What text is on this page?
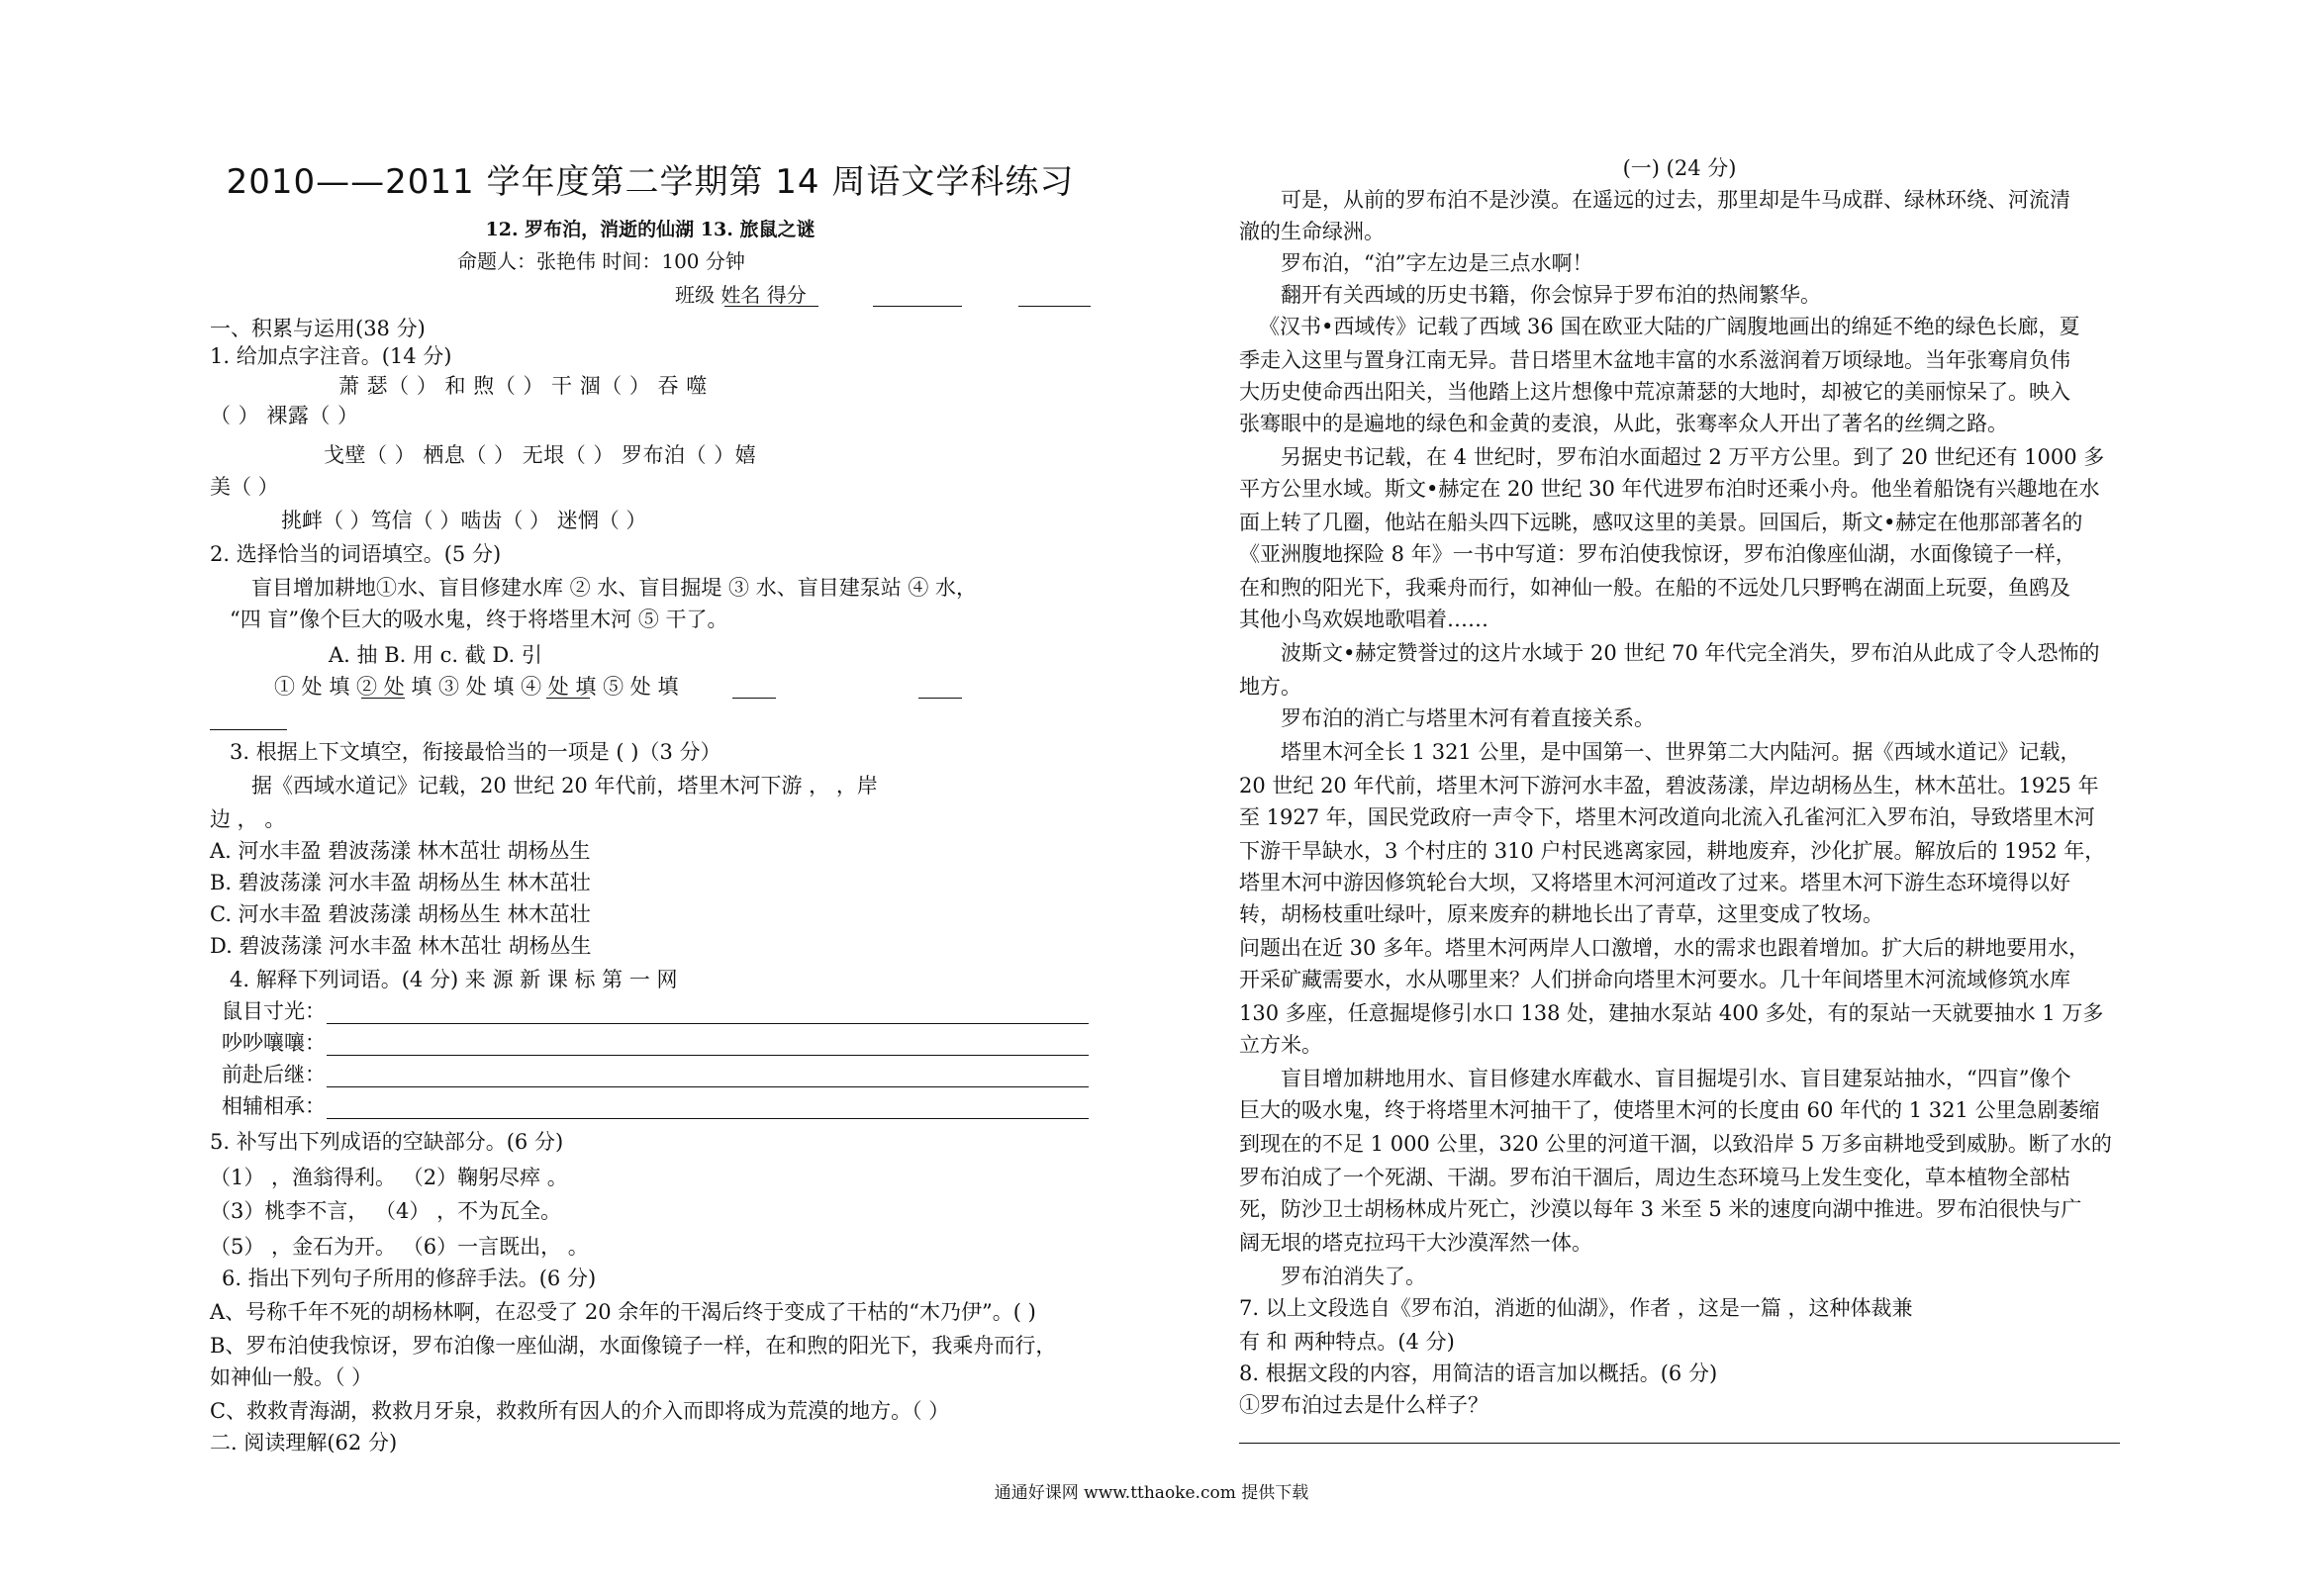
2010——2011 学年度第二学期第 14 周语文学科练习
12. 罗布泊，消逝的仙湖 13. 旅鼠之谜
命题人：张艳伟 时间：100 分钟
班级 姓名 得分
一、积累与运用(38 分)
1. 给加点字注音。(14 分)
萧 瑟（ ） 和 煦（ ） 干 涸（ ） 吞 噬
（ ） 裸露（ ）
戈壁（ ） 栖息（ ） 无垠（ ） 罗布泊（ ）嬉
美（ ）
挑衅（ ）笃信（ ）啮齿（ ） 迷惘（ ）
2. 选择恰当的词语填空。(5 分)
盲目增加耕地①水、盲目修建水库 ② 水、盲目掘堤 ③ 水、盲目建泵站 ④ 水，
“四 盲”像个巨大的吸水鬼，终于将塔里木河 ⑤ 干了。
A. 抽 B. 用 c. 截 D. 引
① 处 填 ② 处 填 ③ 处 填 ④ 处 填 ⑤ 处 填
3. 根据上下文填空，衔接最恰当的一项是 ( )（3 分）
据《西域水道记》记载，20 世纪 20 年代前，塔里木河下游 ， ，岸
边 ， 。
A. 河水丰盈 碧波荡漾 林木茁壮 胡杨丛生
B. 碧波荡漾 河水丰盈 胡杨丛生 林木茁壮
C. 河水丰盈 碧波荡漾 胡杨丛生 林木茁壮
D. 碧波荡漾 河水丰盈 林木茁壮 胡杨丛生
4. 解释下列词语。(4 分) 来 源 新 课 标 第 一 网
鼠目寸光：
吵吵嚷嚷：
前赴后继：
相辅相承：
5. 补写出下列成语的空缺部分。(6 分)
（1） ，渔翁得利。 （2）鞠躬尽瘁 。
（3）桃李不言， （4） ，不为瓦全。
（5） ，金石为开。 （6）一言既出， 。
6. 指出下列句子所用的修辞手法。(6 分)
A、号称千年不死的胡杨林啊，在忍受了 20 余年的干渴后终于变成了干枯的“木乃伊”。( )
B、罗布泊使我惊讶，罗布泊像一座仙湖，水面像镜子一样，在和煦的阳光下，我乘舟而行，
如神仙一般。（ ）
C、救救青海湖，救救月牙泉，救救所有因人的介入而即将成为荒漠的地方。（ ）
二. 阅读理解(62 分)
(一) (24 分)
可是，从前的罗布泊不是沙漠。在遥远的过去，那里却是牛马成群、绿林环绕、河流清
澈的生命绿洲。
罗布泊，“泊”字左边是三点水啊！
翻开有关西域的历史书籍，你会惊异于罗布泊的热闹繁华。
《汉书•西域传》记载了西域 36 国在欧亚大陆的广阔腹地画出的绵延不绝的绿色长廊，夏
季走入这里与置身江南无异。昔日塔里木盆地丰富的水系滋润着万顷绿地。当年张骞肩负伟
大历史使命西出阳关，当他踏上这片想像中荒凉萧瑟的大地时，却被它的美丽惊呆了。映入
张骞眼中的是遍地的绿色和金黄的麦浪，从此，张骞率众人开出了著名的丝绸之路。
另据史书记载，在 4 世纪时，罗布泊水面超过 2 万平方公里。到了 20 世纪还有 1000 多
平方公里水域。斯文•赫定在 20 世纪 30 年代进罗布泊时还乘小舟。他坐着船饶有兴趣地在水
面上转了几圈，他站在船头四下远眺，感叹这里的美景。回国后，斯文•赫定在他那部著名的
《亚洲腹地探险 8 年》一书中写道：罗布泊使我惊讶，罗布泊像座仙湖，水面像镜子一样，
在和煦的阳光下，我乘舟而行，如神仙一般。在船的不远处几只野鸭在湖面上玩耍，鱼鸥及
其他小鸟欢娱地歌唱着……
波斯文•赫定赞誉过的这片水域于 20 世纪 70 年代完全消失，罗布泊从此成了令人恐怖的
地方。
罗布泊的消亡与塔里木河有着直接关系。
塔里木河全长 1 321 公里，是中国第一、世界第二大内陆河。据《西域水道记》记载，
20 世纪 20 年代前，塔里木河下游河水丰盈，碧波荡漾，岸边胡杨丛生，林木茁壮。1925 年
至 1927 年，国民党政府一声令下，塔里木河改道向北流入孔雀河汇入罗布泊，导致塔里木河
下游干旱缺水，3 个村庄的 310 户村民逃离家园，耕地废弃，沙化扩展。解放后的 1952 年，
塔里木河中游因修筑轮台大坝，又将塔里木河河道改了过来。塔里木河下游生态环境得以好
转，胡杨枝重吐绿叶，原来废弃的耕地长出了青草，这里变成了牧场。
问题出在近 30 多年。塔里木河两岸人口激增，水的需求也跟着增加。扩大后的耕地要用水，
开采矿藏需要水，水从哪里来？人们拼命向塔里木河要水。几十年间塔里木河流域修筑水库
130 多座，任意掘堤修引水口 138 处，建抽水泵站 400 多处，有的泵站一天就要抽水 1 万多
立方米。
盲目增加耕地用水、盲目修建水库截水、盲目掘堤引水、盲目建泵站抽水，“四盲”像个
巨大的吸水鬼，终于将塔里木河抽干了，使塔里木河的长度由 60 年代的 1 321 公里急剧萎缩
到现在的不足 1 000 公里，320 公里的河道干涸，以致沿岸 5 万多亩耕地受到威胁。断了水的
罗布泊成了一个死湖、干湖。罗布泊干涸后，周边生态环境马上发生变化，草本植物全部枯
死，防沙卫士胡杨林成片死亡，沙漠以每年 3 米至 5 米的速度向湖中推进。罗布泊很快与广
阔无垠的塔克拉玛干大沙漠浑然一体。
罗布泊消失了。
7. 以上文段选自《罗布泊，消逝的仙湖》，作者 ，这是一篇 ，这种体裁兼
有 和 两种特点。(4 分)
8. 根据文段的内容，用简洁的语言加以概括。(6 分)
①罗布泊过去是什么样子？
通通好课网 www.tthaoke.com 提供下载
